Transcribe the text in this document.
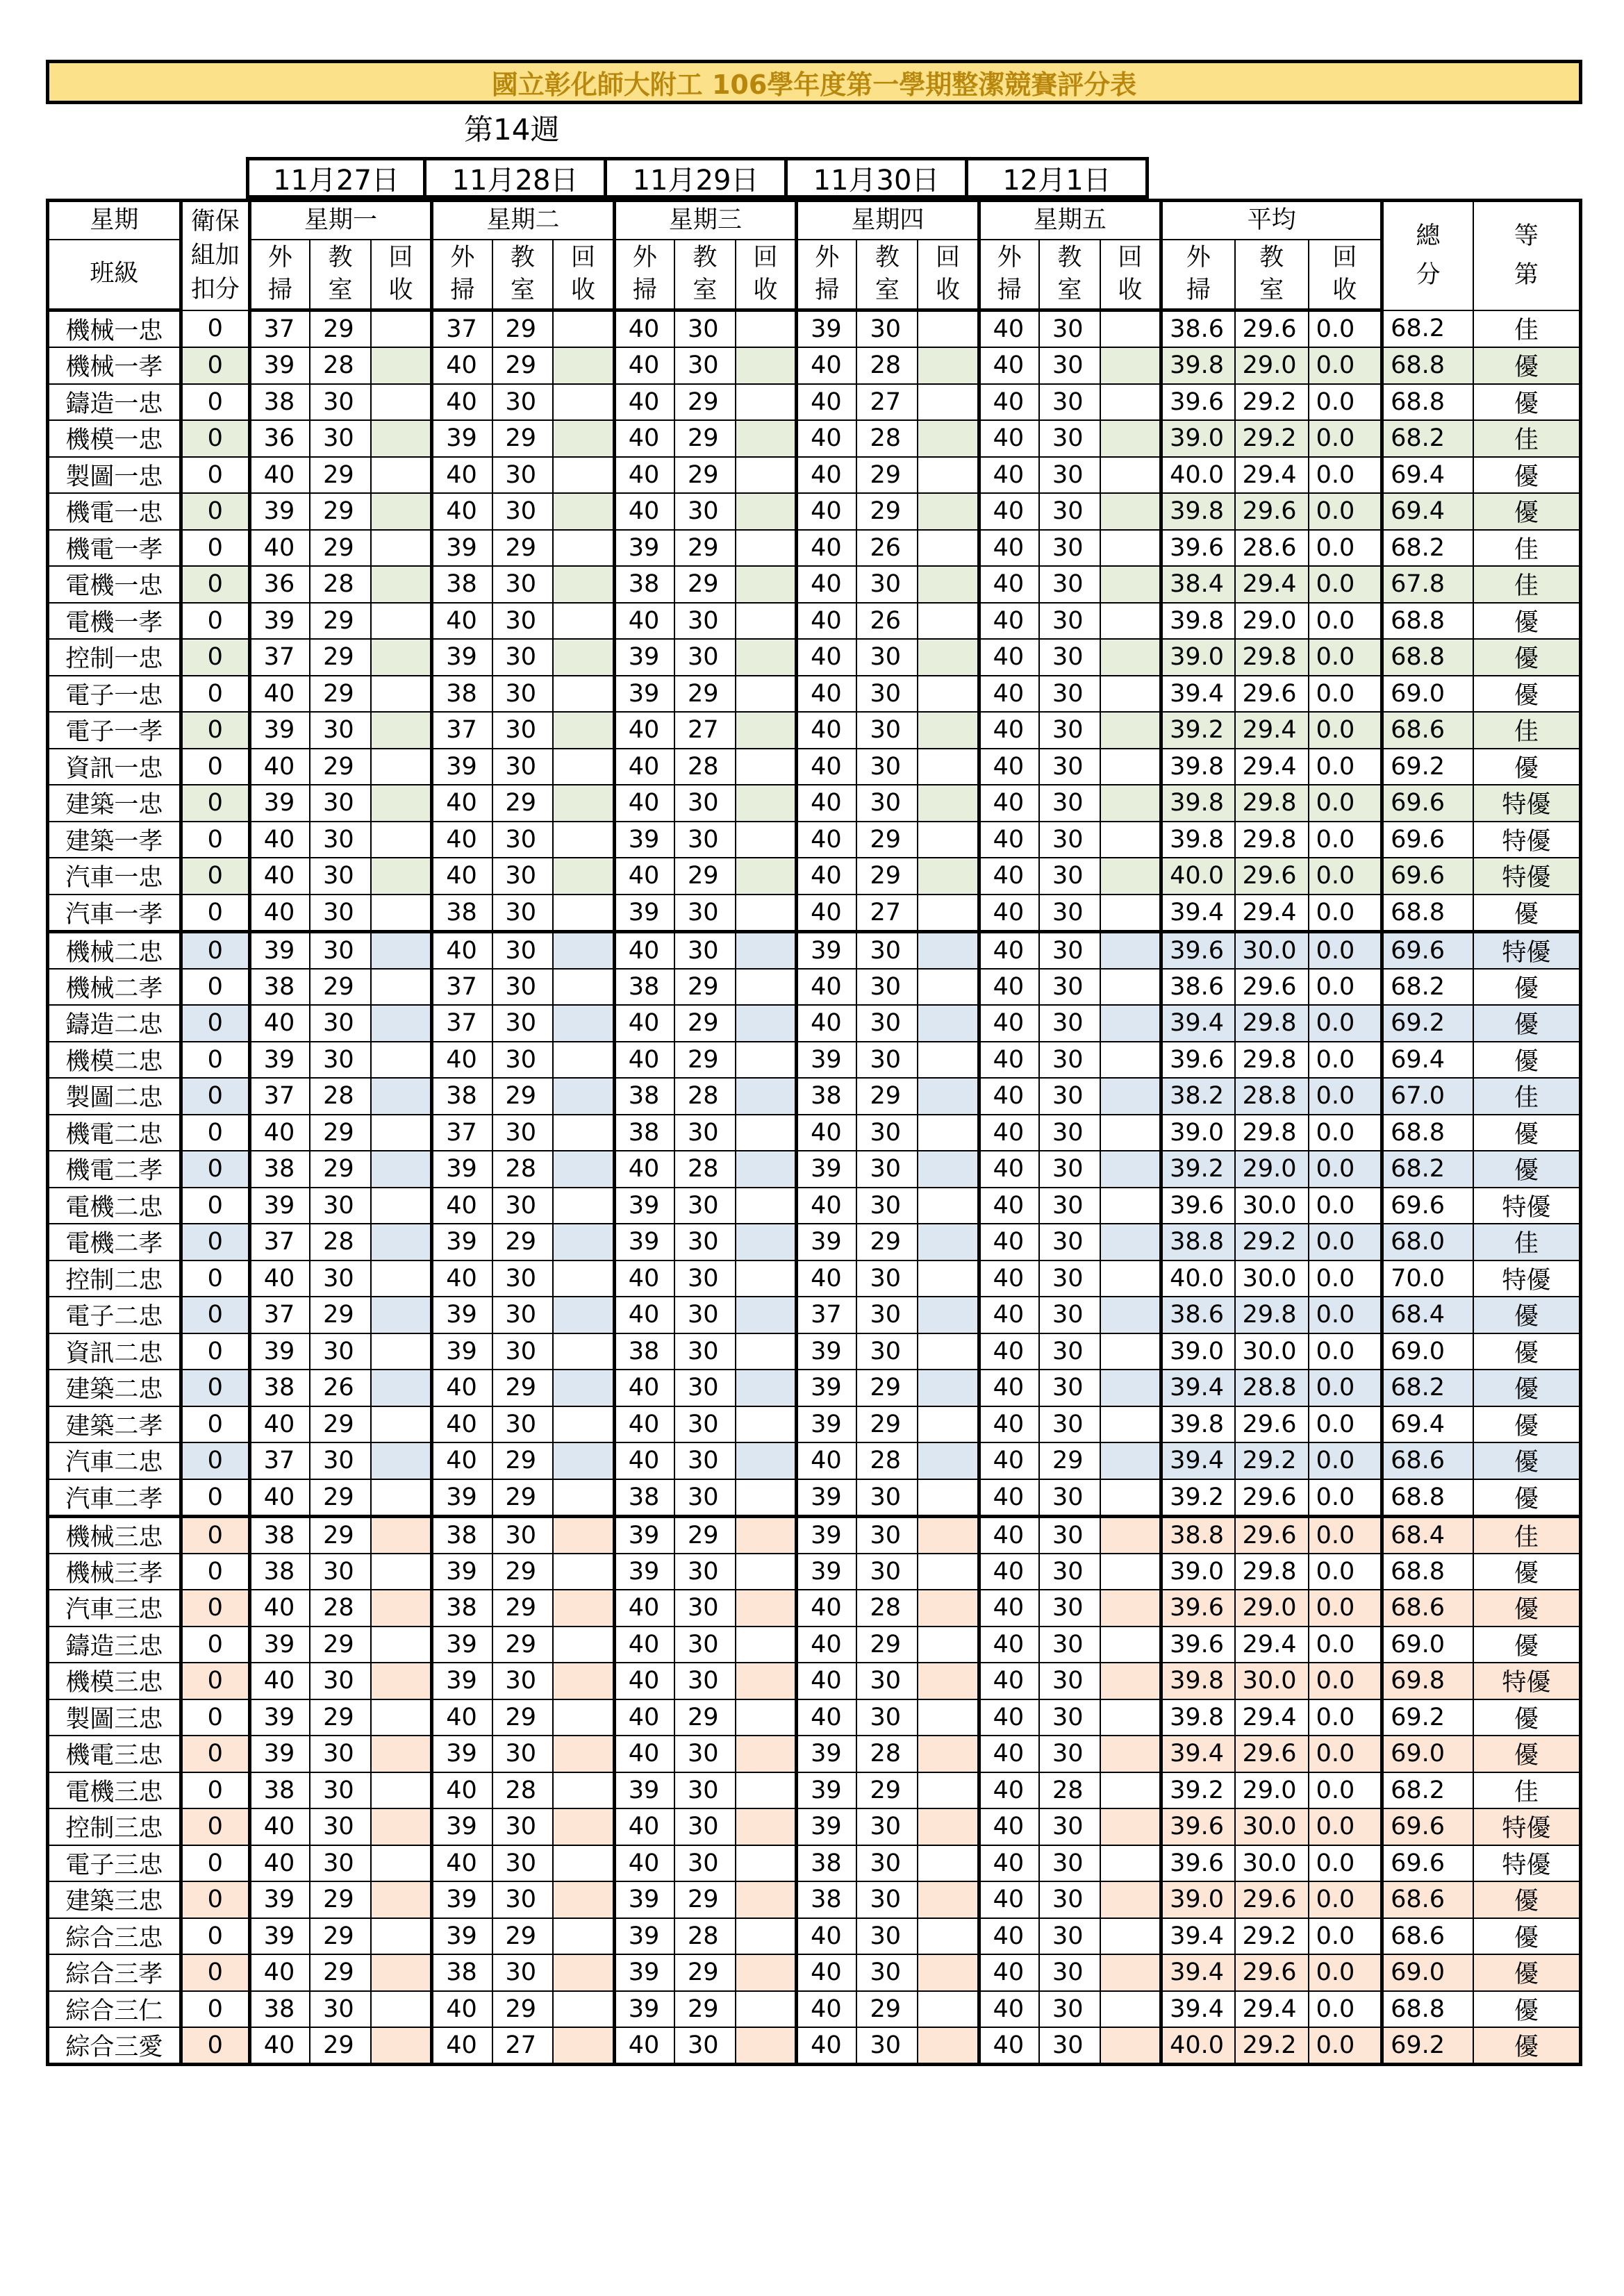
國立彰化師大附工 106學年度第一學期整潔競賽評分表
第14週
11月27日	11月28日	11月29日	11月30日	12月1日
星期	衛保組加扣分	星期一			星期二			星期三			星期四			星期五			平均			總分	等第
班級		外掃	教室	回收	外掃	教室	回收	外掃	教室	回收	外掃	教室	回收	外掃	教室	回收	外掃	教室	回收		
機械一忠	0	37	29		37	29		40	30		39	30		40	30		38.6	29.6	0.0	68.2	佳
機械一孝	0	39	28		40	29		40	30		40	28		40	30		39.8	29.0	0.0	68.8	優
鑄造一忠	0	38	30		40	30		40	29		40	27		40	30		39.6	29.2	0.0	68.8	優
機模一忠	0	36	30		39	29		40	29		40	28		40	30		39.0	29.2	0.0	68.2	佳
製圖一忠	0	40	29		40	30		40	29		40	29		40	30		40.0	29.4	0.0	69.4	優
機電一忠	0	39	29		40	30		40	30		40	29		40	30		39.8	29.6	0.0	69.4	優
機電一孝	0	40	29		39	29		39	29		40	26		40	30		39.6	28.6	0.0	68.2	佳
電機一忠	0	36	28		38	30		38	29		40	30		40	30		38.4	29.4	0.0	67.8	佳
電機一孝	0	39	29		40	30		40	30		40	26		40	30		39.8	29.0	0.0	68.8	優
控制一忠	0	37	29		39	30		39	30		40	30		40	30		39.0	29.8	0.0	68.8	優
電子一忠	0	40	29		38	30		39	29		40	30		40	30		39.4	29.6	0.0	69.0	優
電子一孝	0	39	30		37	30		40	27		40	30		40	30		39.2	29.4	0.0	68.6	佳
資訊一忠	0	40	29		39	30		40	28		40	30		40	30		39.8	29.4	0.0	69.2	優
建築一忠	0	39	30		40	29		40	30		40	30		40	30		39.8	29.8	0.0	69.6	特優
建築一孝	0	40	30		40	30		39	30		40	29		40	30		39.8	29.8	0.0	69.6	特優
汽車一忠	0	40	30		40	30		40	29		40	29		40	30		40.0	29.6	0.0	69.6	特優
汽車一孝	0	40	30		38	30		39	30		40	27		40	30		39.4	29.4	0.0	68.8	優
機械二忠	0	39	30		40	30		40	30		39	30		40	30		39.6	30.0	0.0	69.6	特優
機械二孝	0	38	29		37	30		38	29		40	30		40	30		38.6	29.6	0.0	68.2	優
鑄造二忠	0	40	30		37	30		40	29		40	30		40	30		39.4	29.8	0.0	69.2	優
機模二忠	0	39	30		40	30		40	29		39	30		40	30		39.6	29.8	0.0	69.4	優
製圖二忠	0	37	28		38	29		38	28		38	29		40	30		38.2	28.8	0.0	67.0	佳
機電二忠	0	40	29		37	30		38	30		40	30		40	30		39.0	29.8	0.0	68.8	優
機電二孝	0	38	29		39	28		40	28		39	30		40	30		39.2	29.0	0.0	68.2	優
電機二忠	0	39	30		40	30		39	30		40	30		40	30		39.6	30.0	0.0	69.6	特優
電機二孝	0	37	28		39	29		39	30		39	29		40	30		38.8	29.2	0.0	68.0	佳
控制二忠	0	40	30		40	30		40	30		40	30		40	30		40.0	30.0	0.0	70.0	特優
電子二忠	0	37	29		39	30		40	30		37	30		40	30		38.6	29.8	0.0	68.4	優
資訊二忠	0	39	30		39	30		38	30		39	30		40	30		39.0	30.0	0.0	69.0	優
建築二忠	0	38	26		40	29		40	30		39	29		40	30		39.4	28.8	0.0	68.2	優
建築二孝	0	40	29		40	30		40	30		39	29		40	30		39.8	29.6	0.0	69.4	優
汽車二忠	0	37	30		40	29		40	30		40	28		40	29		39.4	29.2	0.0	68.6	優
汽車二孝	0	40	29		39	29		38	30		39	30		40	30		39.2	29.6	0.0	68.8	優
機械三忠	0	38	29		38	30		39	29		39	30		40	30		38.8	29.6	0.0	68.4	佳
機械三孝	0	38	30		39	29		39	30		39	30		40	30		39.0	29.8	0.0	68.8	優
汽車三忠	0	40	28		38	29		40	30		40	28		40	30		39.6	29.0	0.0	68.6	優
鑄造三忠	0	39	29		39	29		40	30		40	29		40	30		39.6	29.4	0.0	69.0	優
機模三忠	0	40	30		39	30		40	30		40	30		40	30		39.8	30.0	0.0	69.8	特優
製圖三忠	0	39	29		40	29		40	29		40	30		40	30		39.8	29.4	0.0	69.2	優
機電三忠	0	39	30		39	30		40	30		39	28		40	30		39.4	29.6	0.0	69.0	優
電機三忠	0	38	30		40	28		39	30		39	29		40	28		39.2	29.0	0.0	68.2	佳
控制三忠	0	40	30		39	30		40	30		39	30		40	30		39.6	30.0	0.0	69.6	特優
電子三忠	0	40	30		40	30		40	30		38	30		40	30		39.6	30.0	0.0	69.6	特優
建築三忠	0	39	29		39	30		39	29		38	30		40	30		39.0	29.6	0.0	68.6	優
綜合三忠	0	39	29		39	29		39	28		40	30		40	30		39.4	29.2	0.0	68.6	優
綜合三孝	0	40	29		38	30		39	29		40	30		40	30		39.4	29.6	0.0	69.0	優
綜合三仁	0	38	30		40	29		39	29		40	29		40	30		39.4	29.4	0.0	68.8	優
綜合三愛	0	40	29		40	27		40	30		40	30		40	30		40.0	29.2	0.0	69.2	優
